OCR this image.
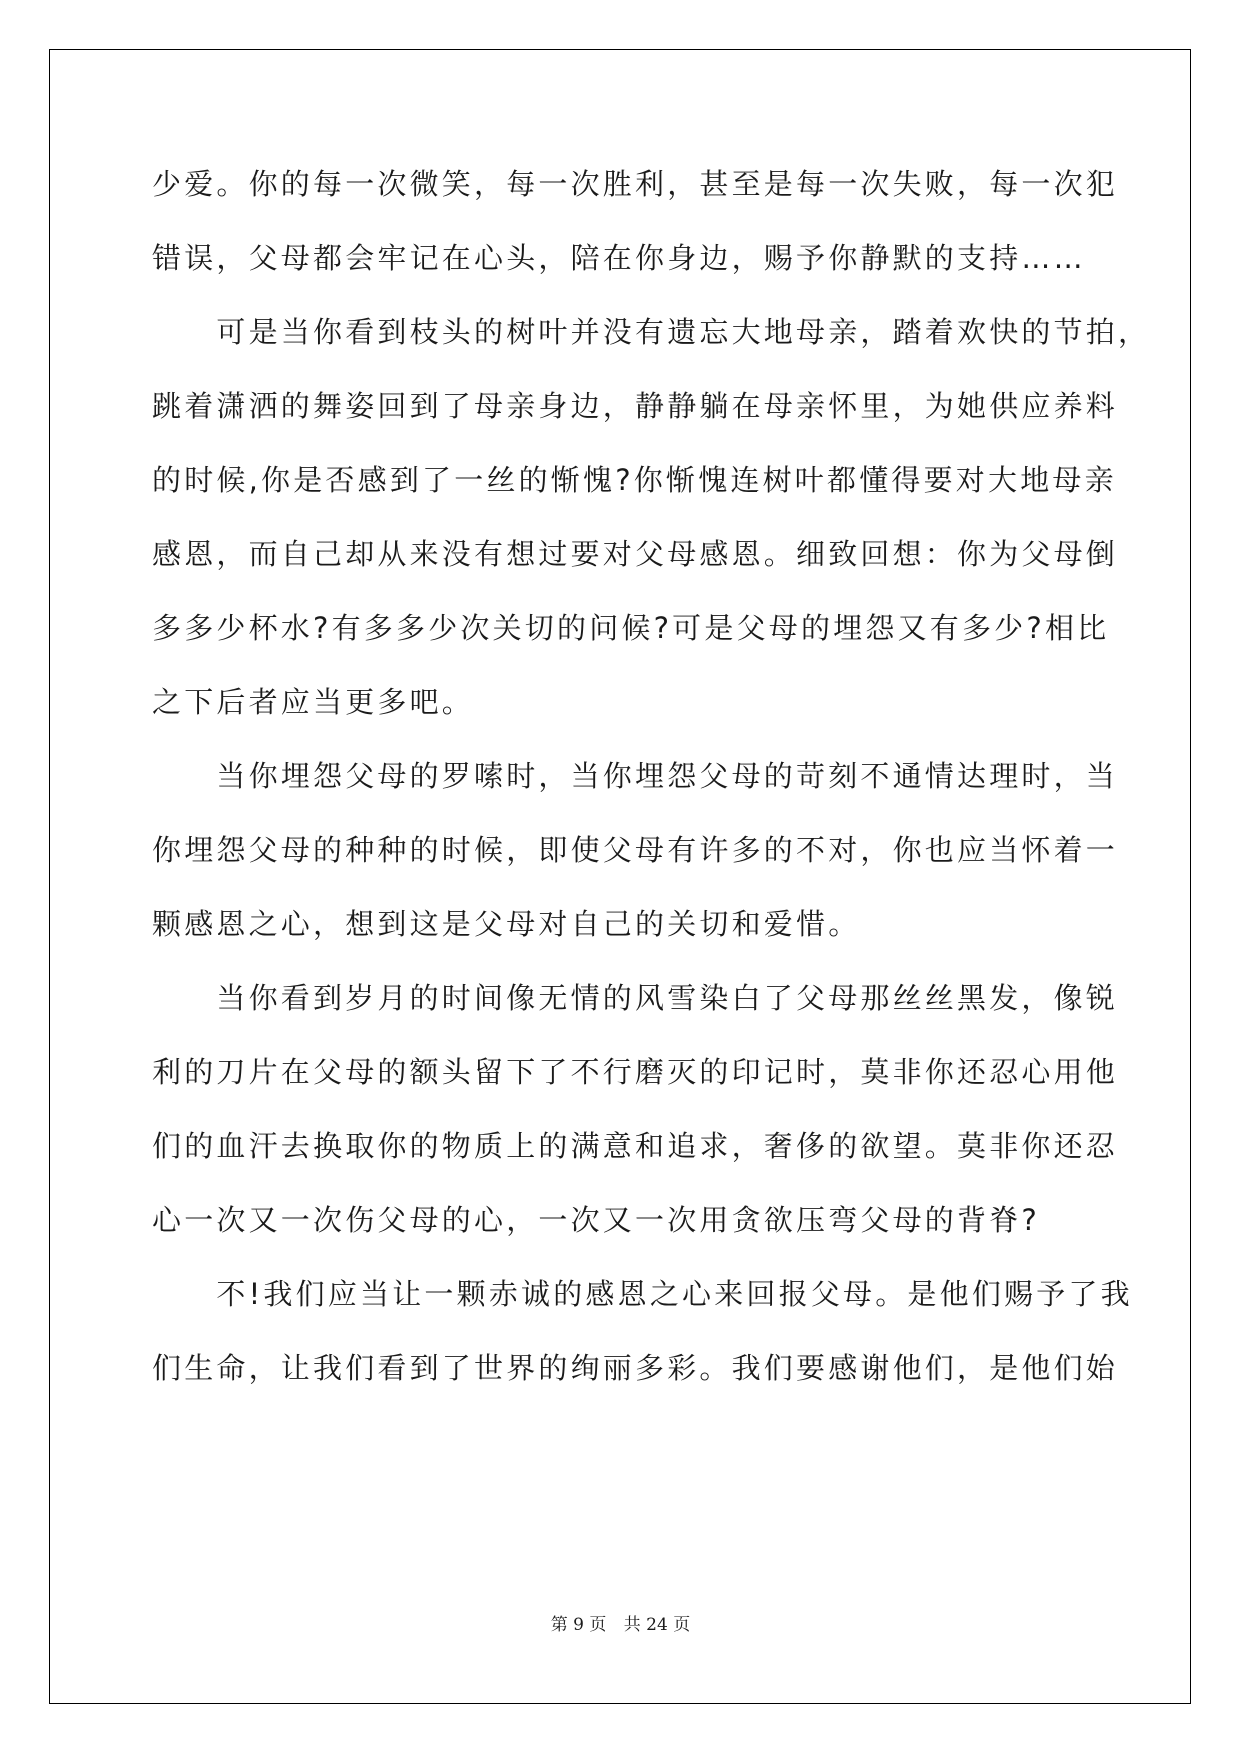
少爱。你的每一次微笑，每一次胜利，甚至是每一次失败，每一次犯
错误，父母都会牢记在心头，陪在你身边，赐予你静默的支持……
　　可是当你看到枝头的树叶并没有遗忘大地母亲，踏着欢快的节拍，
跳着潇洒的舞姿回到了母亲身边，静静躺在母亲怀里，为她供应养料
的时候,你是否感到了一丝的惭愧?你惭愧连树叶都懂得要对大地母亲
感恩，而自己却从来没有想过要对父母感恩。细致回想：你为父母倒
多多少杯水?有多多少次关切的问候?可是父母的埋怨又有多少?相比
之下后者应当更多吧。
　　当你埋怨父母的罗嗦时，当你埋怨父母的苛刻不通情达理时，当
你埋怨父母的种种的时候，即使父母有许多的不对，你也应当怀着一
颗感恩之心，想到这是父母对自己的关切和爱惜。
　　当你看到岁月的时间像无情的风雪染白了父母那丝丝黑发，像锐
利的刀片在父母的额头留下了不行磨灭的印记时，莫非你还忍心用他
们的血汗去换取你的物质上的满意和追求，奢侈的欲望。莫非你还忍
心一次又一次伤父母的心，一次又一次用贪欲压弯父母的背脊?
　　不!我们应当让一颗赤诚的感恩之心来回报父母。是他们赐予了我
们生命，让我们看到了世界的绚丽多彩。我们要感谢他们，是他们始
第 9 页 共 24 页
